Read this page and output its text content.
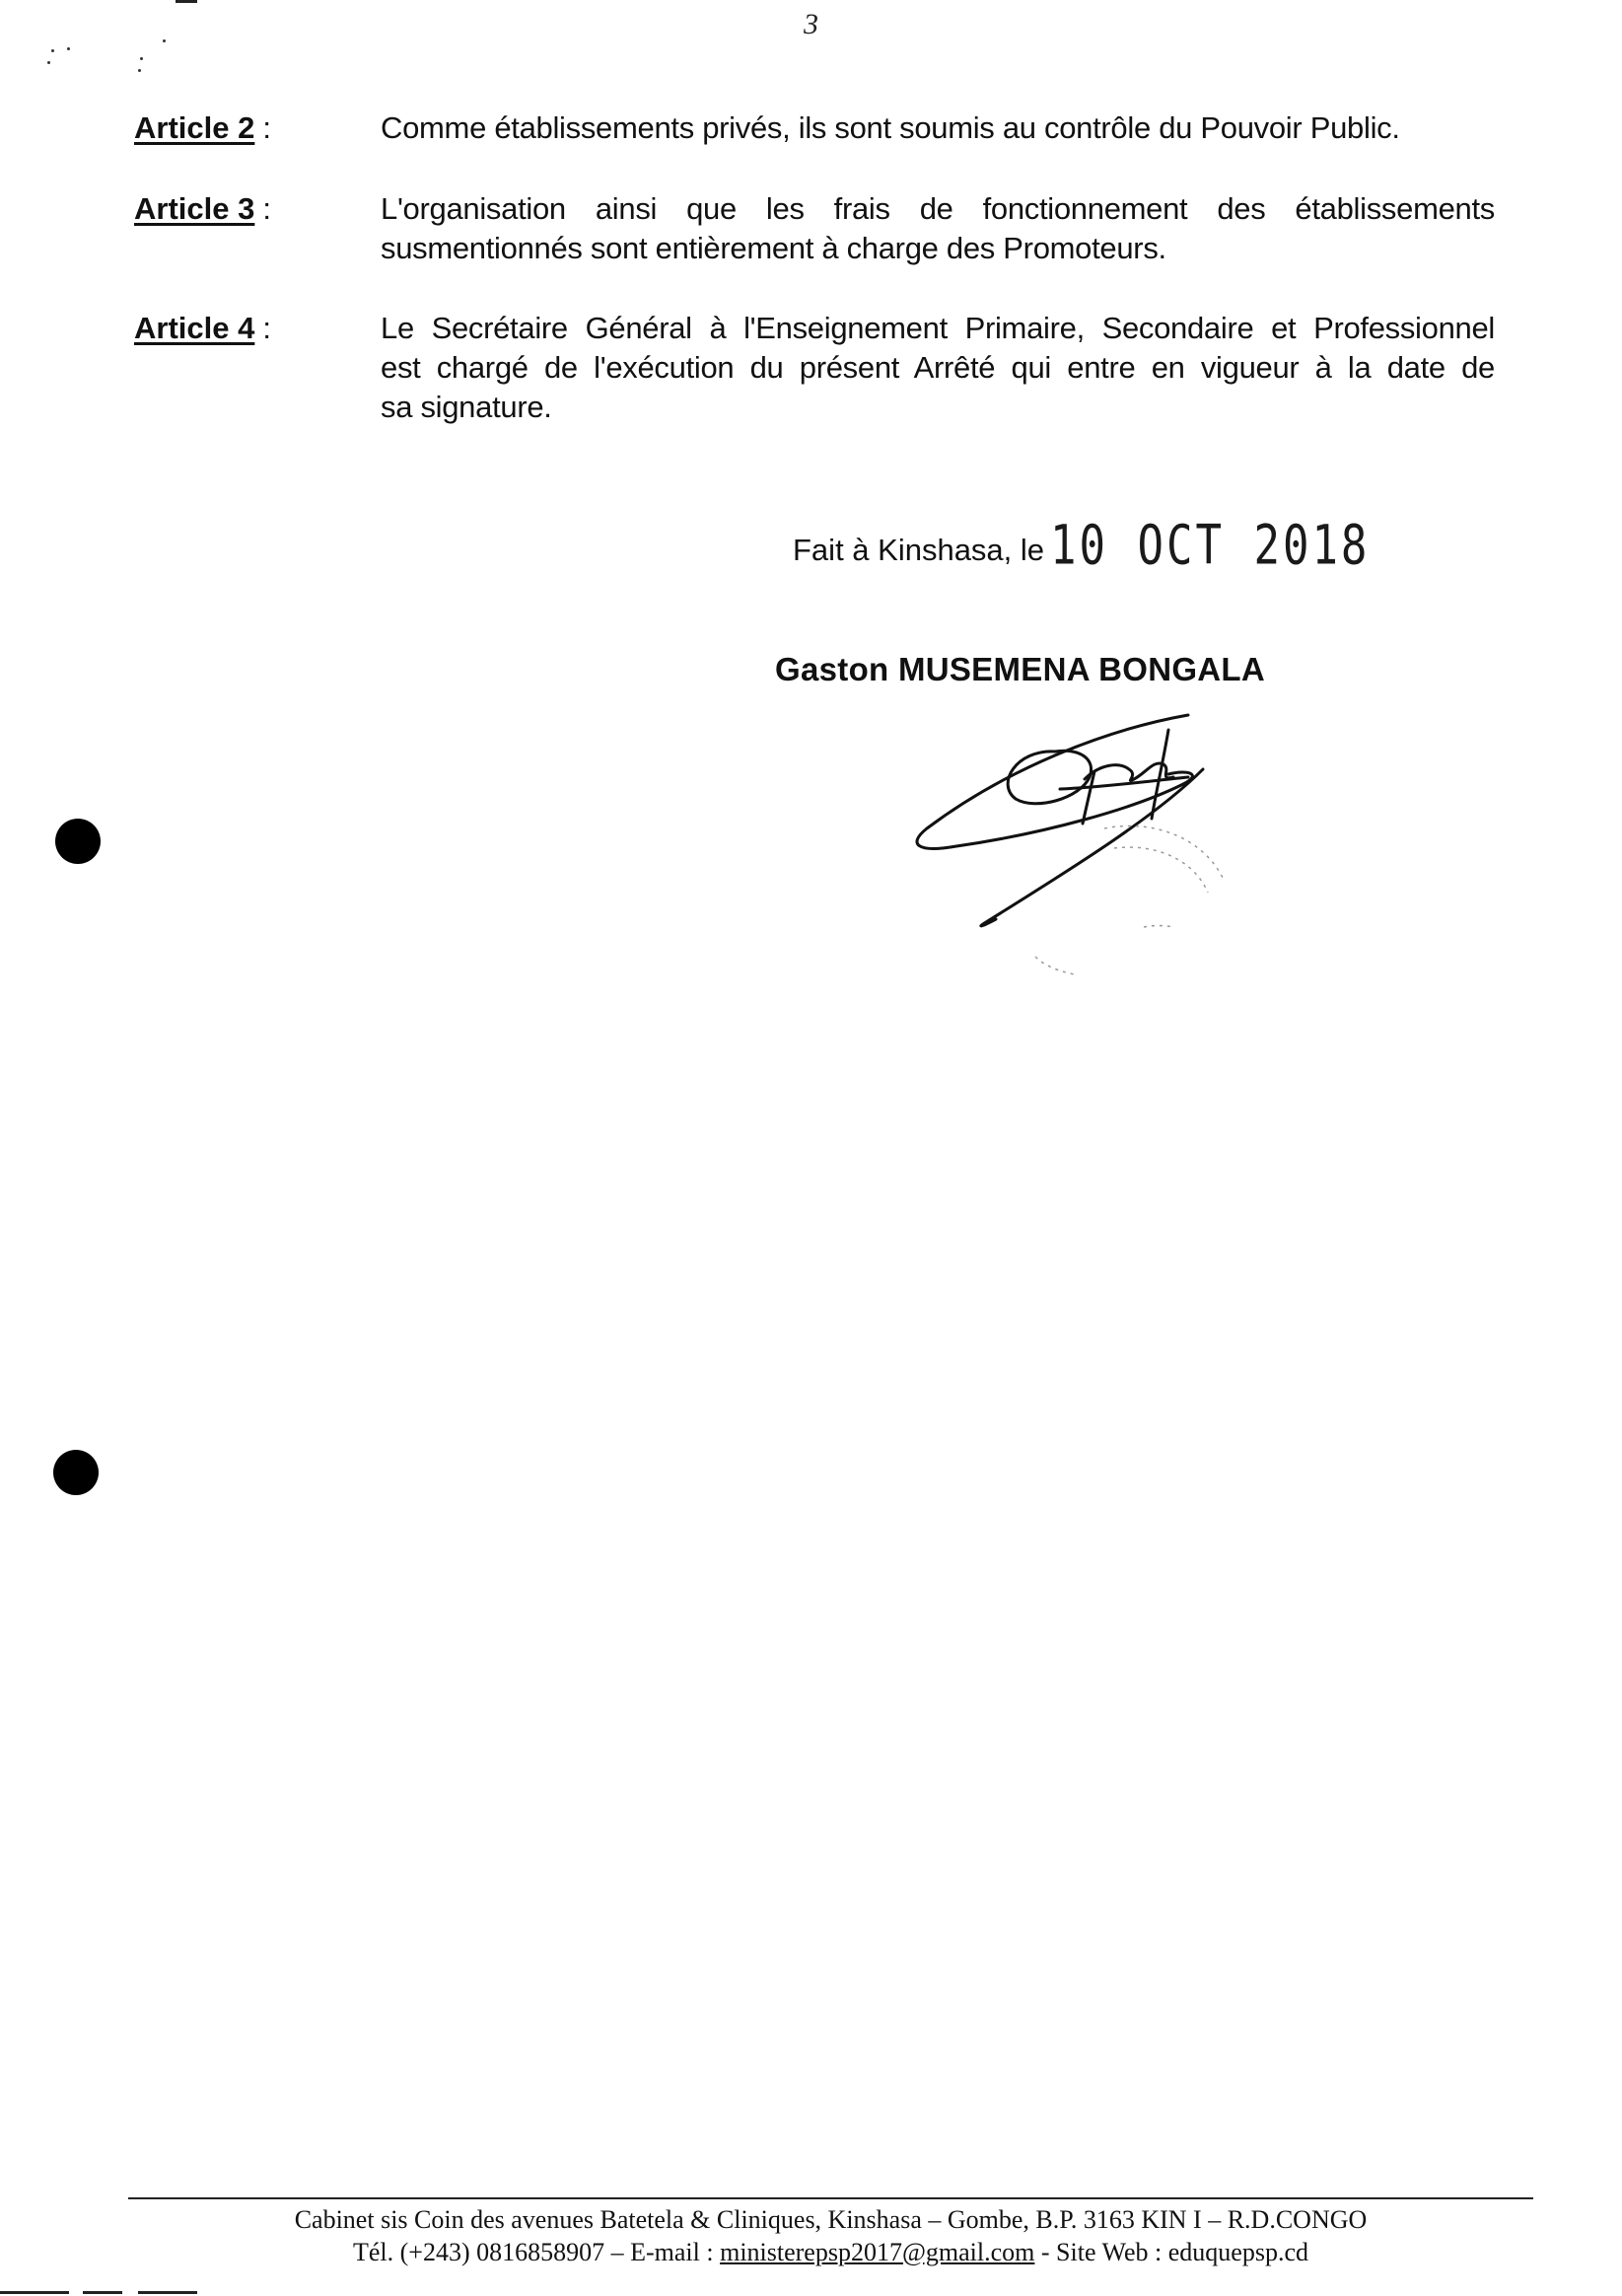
3
Article 2 :	Comme établissements privés, ils sont soumis au contrôle du Pouvoir Public.
Article 3 :	L'organisation ainsi que les frais de fonctionnement des établissements
susmentionnés sont entièrement à charge des Promoteurs.
Article 4 :	Le Secrétaire Général à l'Enseignement Primaire, Secondaire et Professionnel
est chargé de l'exécution du présent Arrêté qui entre en vigueur à la date de
sa signature.
Fait à Kinshasa, le 10 OCT 2018
Gaston MUSEMENA BONGALA
Cabinet sis Coin des avenues Batetela & Cliniques, Kinshasa – Gombe, B.P. 3163 KIN I – R.D.CONGO
Tél. (+243) 0816858907 – E-mail : ministerepsp2017@gmail.com - Site Web : eduquepsp.cd
